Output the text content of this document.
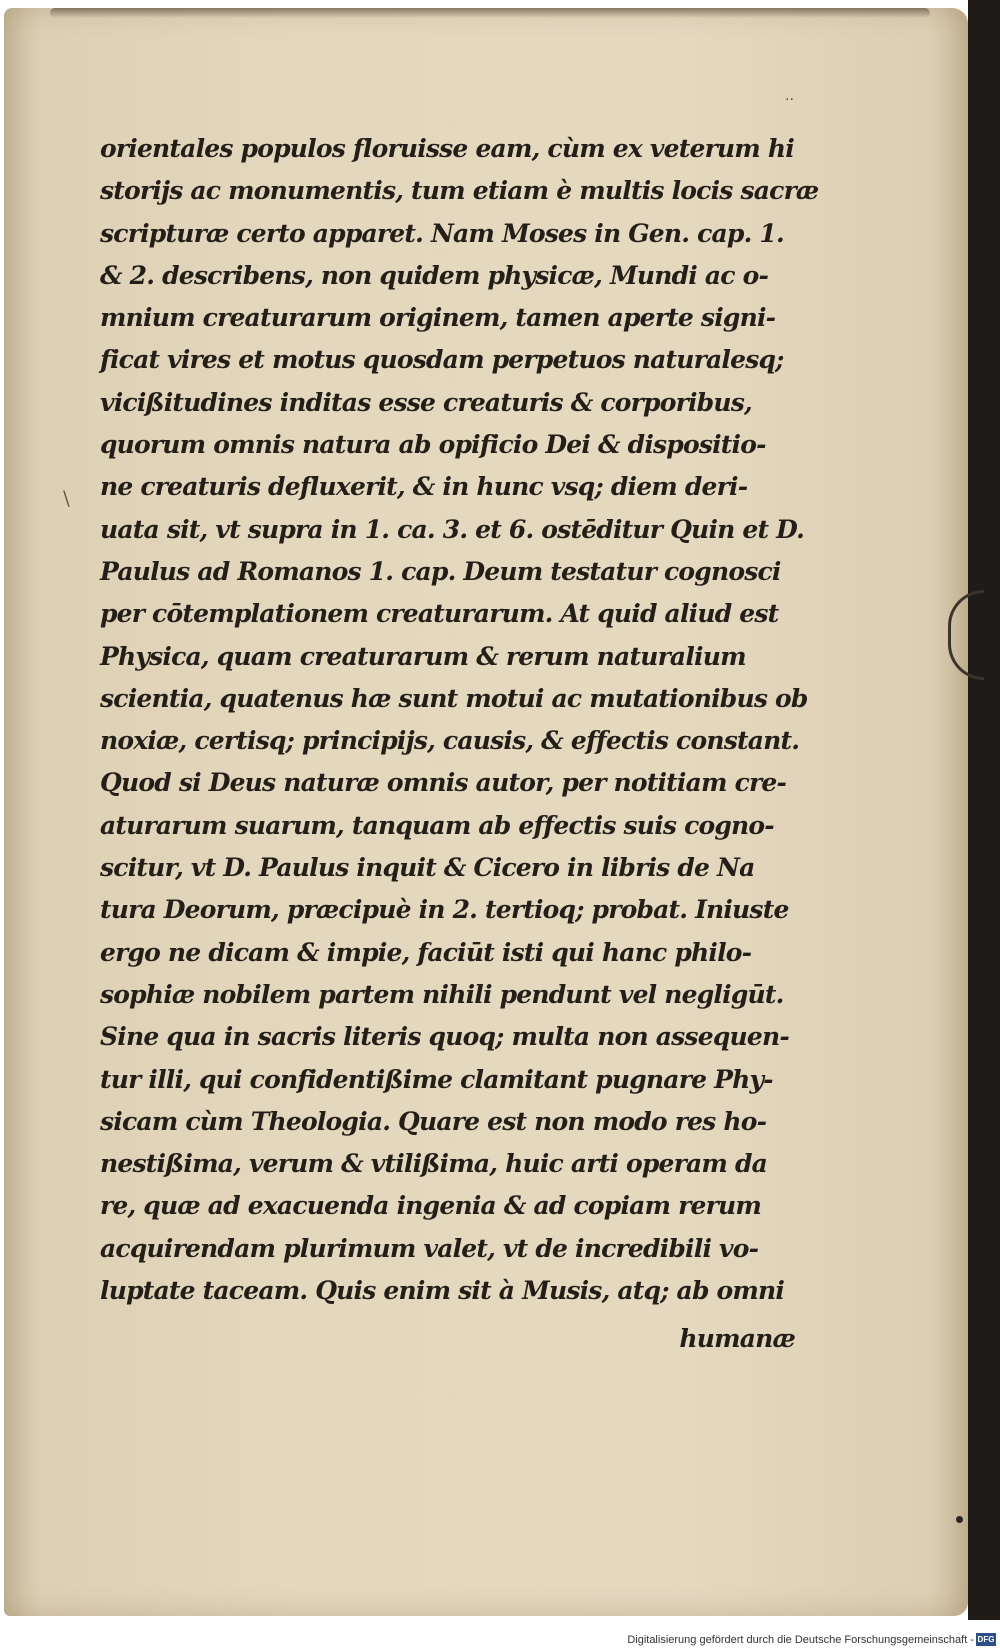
..
\
orientales populos floruisse eam, cùm ex veterum hi
storijs ac monumentis, tum etiam è multis locis sacræ
scripturæ certo apparet. Nam Moses in Gen. cap. 1.
& 2. describens, non quidem physicæ, Mundi ac o-
mnium creaturarum originem, tamen aperte signi-
ficat vires et motus quosdam perpetuos naturalesq;
vicißitudines inditas esse creaturis & corporibus,
quorum omnis natura ab opificio Dei & dispositio-
ne creaturis defluxerit, & in hunc vsq; diem deri-
uata sit, vt supra in 1. ca. 3. et 6. ostēditur Quin et D.
Paulus ad Romanos 1. cap. Deum testatur cognosci
per cōtemplationem creaturarum. At quid aliud est
Physica, quam creaturarum & rerum naturalium
scientia, quatenus hæ sunt motui ac mutationibus ob
noxiæ, certisq; principijs, causis, & effectis constant.
Quod si Deus naturæ omnis autor, per notitiam cre-
aturarum suarum, tanquam ab effectis suis cogno-
scitur, vt D. Paulus inquit & Cicero in libris de Na
tura Deorum, præcipuè in 2. tertioq; probat. Iniuste
ergo ne dicam & impie, faciūt isti qui hanc philo-
sophiæ nobilem partem nihili pendunt vel negligūt.
Sine qua in sacris literis quoq; multa non assequen-
tur illi, qui confidentißime clamitant pugnare Phy-
sicam cùm Theologia. Quare est non modo res ho-
nestißima, verum & vtilißima, huic arti operam da
re, quæ ad exacuenda ingenia & ad copiam rerum
acquirendam plurimum valet, vt de incredibili vo-
luptate taceam. Quis enim sit à Musis, atq; ab omni
humanæ
Digitalisierung gefördert durch die Deutsche Forschungsgemeinschaft - DFG
